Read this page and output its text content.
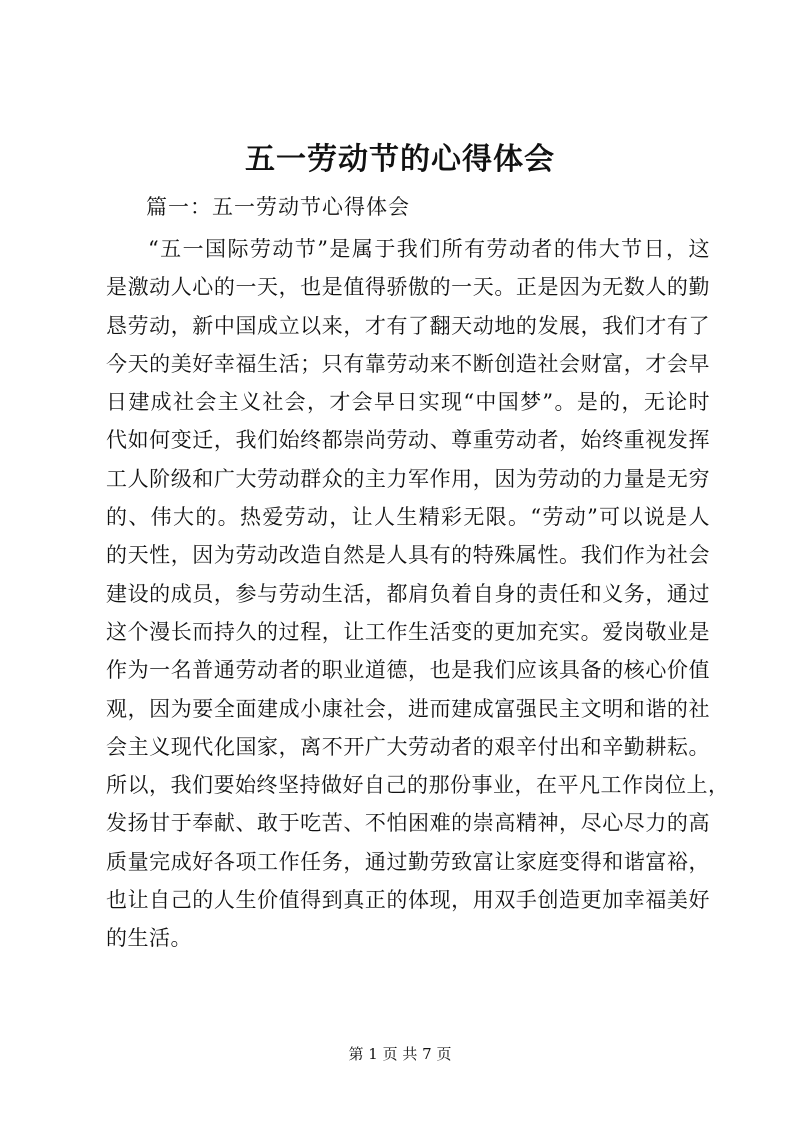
五一劳动节的心得体会
篇一：五一劳动节心得体会
“五一国际劳动节”是属于我们所有劳动者的伟大节日，这
是激动人心的一天，也是值得骄傲的一天。正是因为无数人的勤
恳劳动，新中国成立以来，才有了翻天动地的发展，我们才有了
今天的美好幸福生活；只有靠劳动来不断创造社会财富，才会早
日建成社会主义社会，才会早日实现“中国梦”。是的，无论时
代如何变迁，我们始终都崇尚劳动、尊重劳动者，始终重视发挥
工人阶级和广大劳动群众的主力军作用，因为劳动的力量是无穷
的、伟大的。热爱劳动，让人生精彩无限。“劳动”可以说是人
的天性，因为劳动改造自然是人具有的特殊属性。我们作为社会
建设的成员，参与劳动生活，都肩负着自身的责任和义务，通过
这个漫长而持久的过程，让工作生活变的更加充实。爱岗敬业是
作为一名普通劳动者的职业道德，也是我们应该具备的核心价值
观，因为要全面建成小康社会，进而建成富强民主文明和谐的社
会主义现代化国家，离不开广大劳动者的艰辛付出和辛勤耕耘。
所以，我们要始终坚持做好自己的那份事业，在平凡工作岗位上，
发扬甘于奉献、敢于吃苦、不怕困难的崇高精神，尽心尽力的高
质量完成好各项工作任务，通过勤劳致富让家庭变得和谐富裕，
也让自己的人生价值得到真正的体现，用双手创造更加幸福美好
的生活。
第 1 页 共 7 页
